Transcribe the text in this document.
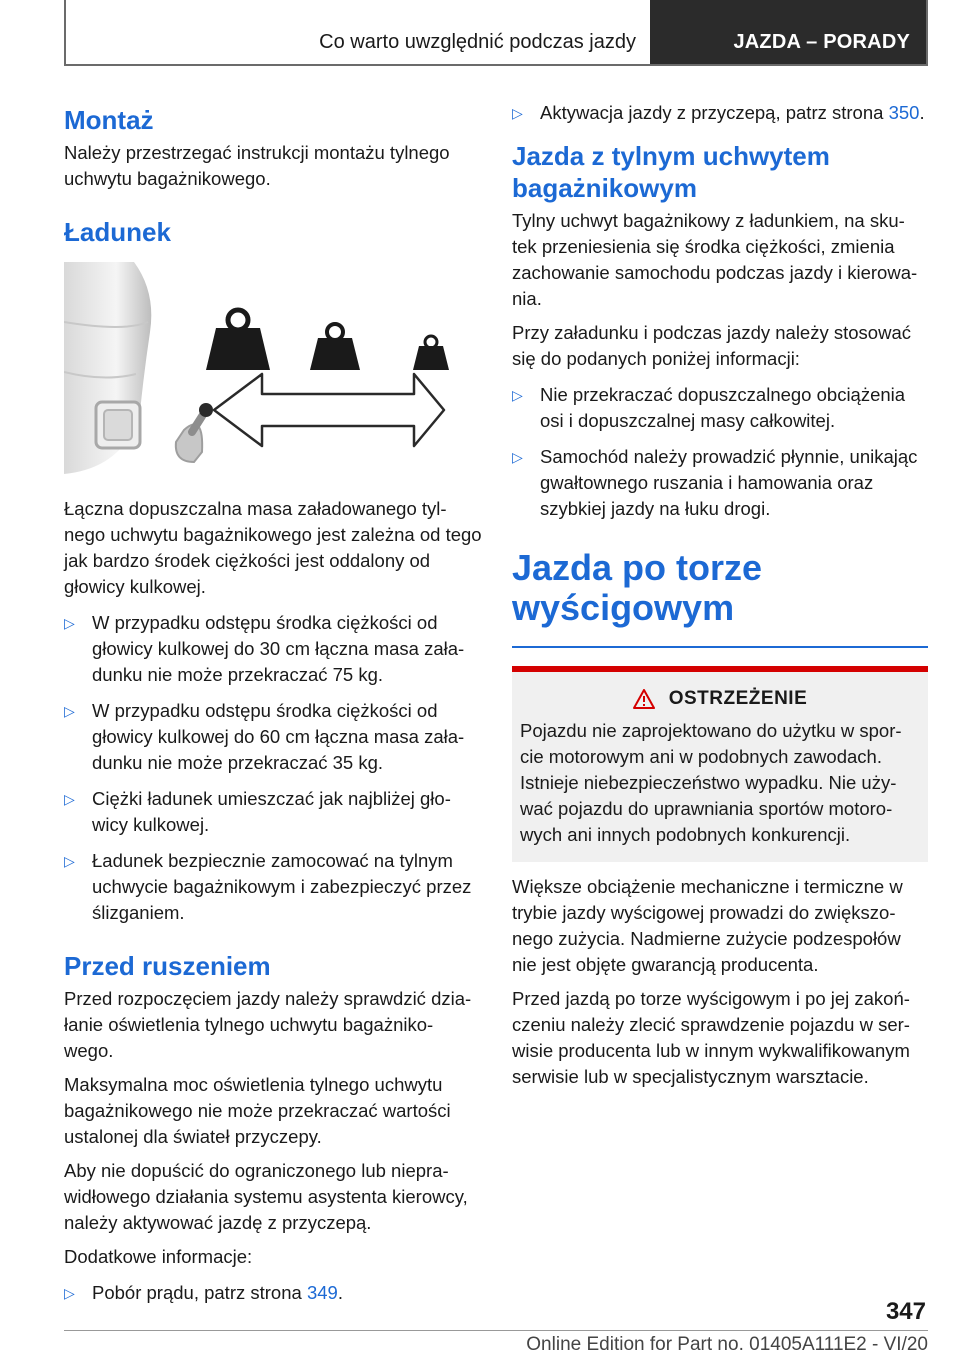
Co warto uwzględnić podczas jazdy	JAZDA – PORADY
Montaż

Należy przestrzegać instrukcji montażu tylnego uchwytu bagażnikowego.

Ładunek

Łączna dopuszczalna masa załadowanego tyl-nego uchwytu bagażnikowego jest zależna od tego jak bardzo środek ciężkości jest oddalony od głowicy kulkowej.

▷ W przypadku odstępu środka ciężkości od głowicy kulkowej do 30 cm łączna masa zała-dunku nie może przekraczać 75 kg.
▷ W przypadku odstępu środka ciężkości od głowicy kulkowej do 60 cm łączna masa zała-dunku nie może przekraczać 35 kg.
▷ Ciężki ładunek umieszczać jak najbliżej gło-wicy kulkowej.
▷ Ładunek bezpiecznie zamocować na tylnym uchwycie bagażnikowym i zabezpieczyć przez ślizganiem.
Przed ruszeniem

Przed rozpoczęciem jazdy należy sprawdzić dzia-łanie oświetlenia tylnego uchwytu bagażniko-wego.

Maksymalna moc oświetlenia tylnego uchwytu bagażnikowego nie może przekraczać wartości ustalonej dla świateł przyczepy.

Aby nie dopuścić do ograniczonego lub niepra-widłowego działania systemu asystenta kierowcy, należy aktywować jazdę z przyczepą.

Dodatkowe informacje:

▷ Pobór prądu, patrz strona 349.
▷ Aktywacja jazdy z przyczepą, patrz strona 350.
Jazda z tylnym uchwytem bagażnikowym

Tylny uchwyt bagażnikowy z ładunkiem, na sku-tek przeniesienia się środka ciężkości, zmienia zachowanie samochodu podczas jazdy i kierowa-nia.

Przy załadunku i podczas jazdy należy stosować się do podanych poniżej informacji:

▷ Nie przekraczać dopuszczalnego obciążenia osi i dopuszczalnej masy całkowitej.
▷ Samochód należy prowadzić płynnie, unikając gwałtownego ruszania i hamowania oraz szybkiej jazdy na łuku drogi.
Jazda po torze wyścigowym
OSTRZEŻENIE

Pojazdu nie zaprojektowano do użytku w spor-cie motorowym ani w podobnych zawodach. Istnieje niebezpieczeństwo wypadku. Nie uży-wać pojazdu do uprawniania sportów motoro-wych ani innych podobnych konkurencji.

Większe obciążenie mechaniczne i termiczne w trybie jazdy wyścigowej prowadzi do zwiększo-nego zużycia. Nadmierne zużycie podzespołów nie jest objęte gwarancją producenta.

Przed jazdą po torze wyścigowym i po jej zakoń-czeniu należy zlecić sprawdzenie pojazdu w ser-wisie producenta lub w innym wykwalifikowanym serwisie lub w specjalistycznym warsztacie.

347
Online Edition for Part no. 01405A111E2 - VI/20
